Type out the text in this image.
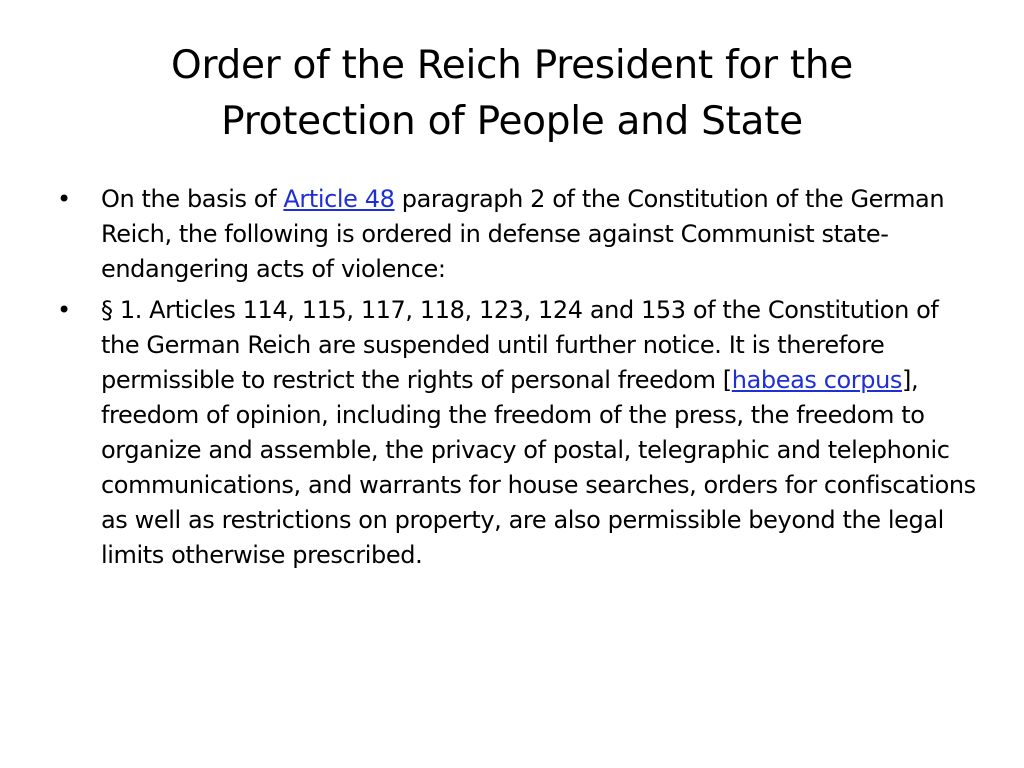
Order of the Reich President for the
Protection of People and State
• On the basis of Article 48 paragraph 2 of the Constitution of the German Reich, the following is ordered in defense against Communist state-endangering acts of violence:
• § 1. Articles 114, 115, 117, 118, 123, 124 and 153 of the Constitution of the German Reich are suspended until further notice. It is therefore permissible to restrict the rights of personal freedom [habeas corpus], freedom of opinion, including the freedom of the press, the freedom to organize and assemble, the privacy of postal, telegraphic and telephonic communications, and warrants for house searches, orders for confiscations as well as restrictions on property, are also permissible beyond the legal limits otherwise prescribed.
